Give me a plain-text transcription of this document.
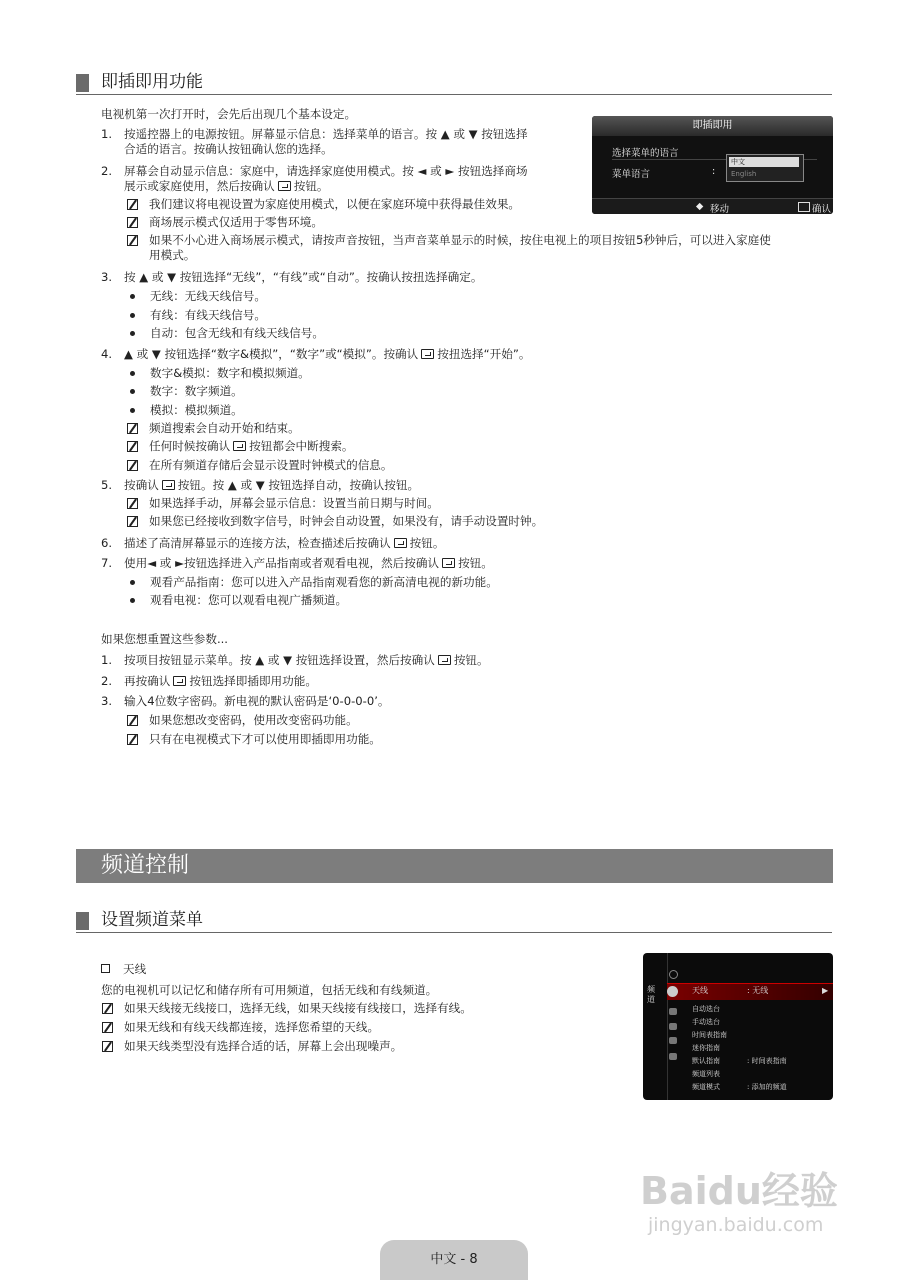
即插即用功能
电视机第一次打开时，会先后出现几个基本设定。
1. 按遥控器上的电源按钮。屏幕显示信息：选择菜单的语言。按 ▲ 或 ▼ 按钮选择
合适的语言。按确认按钮确认您的选择。
2. 屏幕会自动显示信息：家庭中，请选择家庭使用模式。按 ◄ 或 ► 按钮选择商场
展示或家庭使用，然后按确认 按钮。
我们建议将电视设置为家庭使用模式，以便在家庭环境中获得最佳效果。
商场展示模式仅适用于零售环境。
如果不小心进入商场展示模式，请按声音按钮，当声音菜单显示的时候，按住电视上的项目按钮5秒钟后，可以进入家庭使
用模式。
3. 按 ▲ 或 ▼ 按钮选择“无线”，“有线”或“自动”。按确认按扭选择确定。
无线：无线天线信号。
有线：有线天线信号。
自动：包含无线和有线天线信号。
4. ▲ 或 ▼ 按钮选择“数字&模拟”，“数字”或“模拟”。按确认 按扭选择“开始”。
数字&模拟：数字和模拟频道。
数字：数字频道。
模拟：模拟频道。
频道搜索会自动开始和结束。
任何时候按确认 按钮都会中断搜索。
在所有频道存储后会显示设置时钟模式的信息。
5. 按确认 按钮。按 ▲ 或 ▼ 按钮选择自动，按确认按钮。
如果选择手动，屏幕会显示信息：设置当前日期与时间。
如果您已经接收到数字信号，时钟会自动设置，如果没有，请手动设置时钟。
6. 描述了高清屏幕显示的连接方法，检查描述后按确认 按钮。
7. 使用◄ 或 ►按钮选择进入产品指南或者观看电视，然后按确认 按钮。
观看产品指南：您可以进入产品指南观看您的新高清电视的新功能。
观看电视：您可以观看电视广播频道。
如果您想重置这些参数...
1. 按项目按钮显示菜单。按 ▲ 或 ▼ 按钮选择设置，然后按确认 按钮。
2. 再按确认 按钮选择即插即用功能。
3. 输入4位数字密码。新电视的默认密码是‘0-0-0-0’。
如果您想改变密码，使用改变密码功能。
只有在电视模式下才可以使用即插即用功能。
即插即用
选择菜单的语言
菜单语言	:
中文
English
◆ 移动	确认
频道控制
设置频道菜单
天线
您的电视机可以记忆和储存所有可用频道，包括无线和有线频道。
如果天线接无线接口，选择无线，如果天线接有线接口，选择有线。
如果无线和有线天线都连接，选择您希望的天线。
如果天线类型没有选择合适的话，屏幕上会出现噪声。
频道
天线	: 无线	▶
自动选台
手动选台
时间表指南
迷你指南
默认指南	: 时间表指南
频道列表
频道模式	: 添加的频道
Baidu经验
jingyan.baidu.com
中文 - 8
